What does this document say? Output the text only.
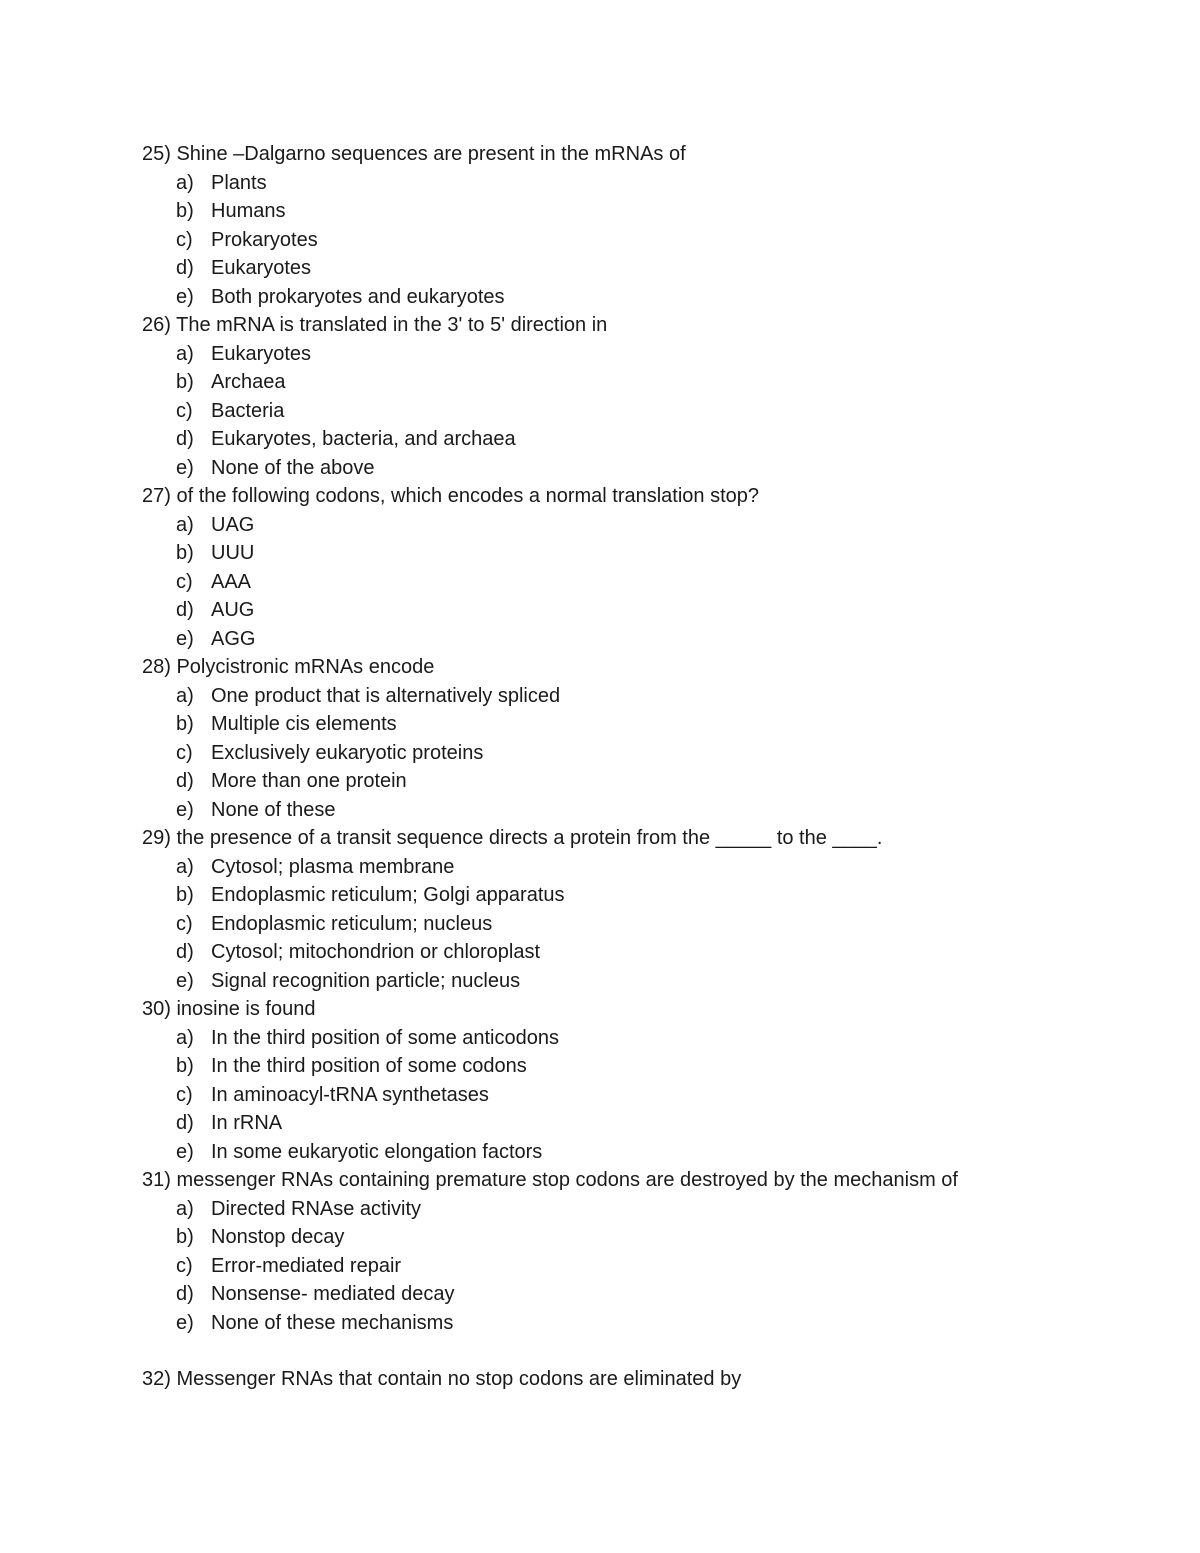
25) Shine –Dalgarno sequences are present in the mRNAs of
a) Plants
b) Humans
c) Prokaryotes
d) Eukaryotes
e) Both prokaryotes and eukaryotes
26) The mRNA is translated in the 3' to 5' direction in
a) Eukaryotes
b) Archaea
c) Bacteria
d) Eukaryotes, bacteria, and archaea
e) None of the above
27) of the following codons, which encodes a normal translation stop?
a) UAG
b) UUU
c) AAA
d) AUG
e) AGG
28) Polycistronic mRNAs encode
a) One product that is alternatively spliced
b) Multiple cis elements
c) Exclusively eukaryotic proteins
d) More than one protein
e) None of these
29) the presence of a transit sequence directs a protein from the _____ to the ____.
a) Cytosol; plasma membrane
b) Endoplasmic reticulum; Golgi apparatus
c) Endoplasmic reticulum; nucleus
d) Cytosol; mitochondrion or chloroplast
e) Signal recognition particle; nucleus
30) inosine is found
a) In the third position of some anticodons
b) In the third position of some codons
c) In aminoacyl-tRNA synthetases
d) In rRNA
e) In some eukaryotic elongation factors
31) messenger RNAs containing premature stop codons are destroyed by the mechanism of
a) Directed RNAse activity
b) Nonstop decay
c) Error-mediated repair
d) Nonsense- mediated decay
e) None of these mechanisms
32) Messenger RNAs that contain no stop codons are eliminated by
